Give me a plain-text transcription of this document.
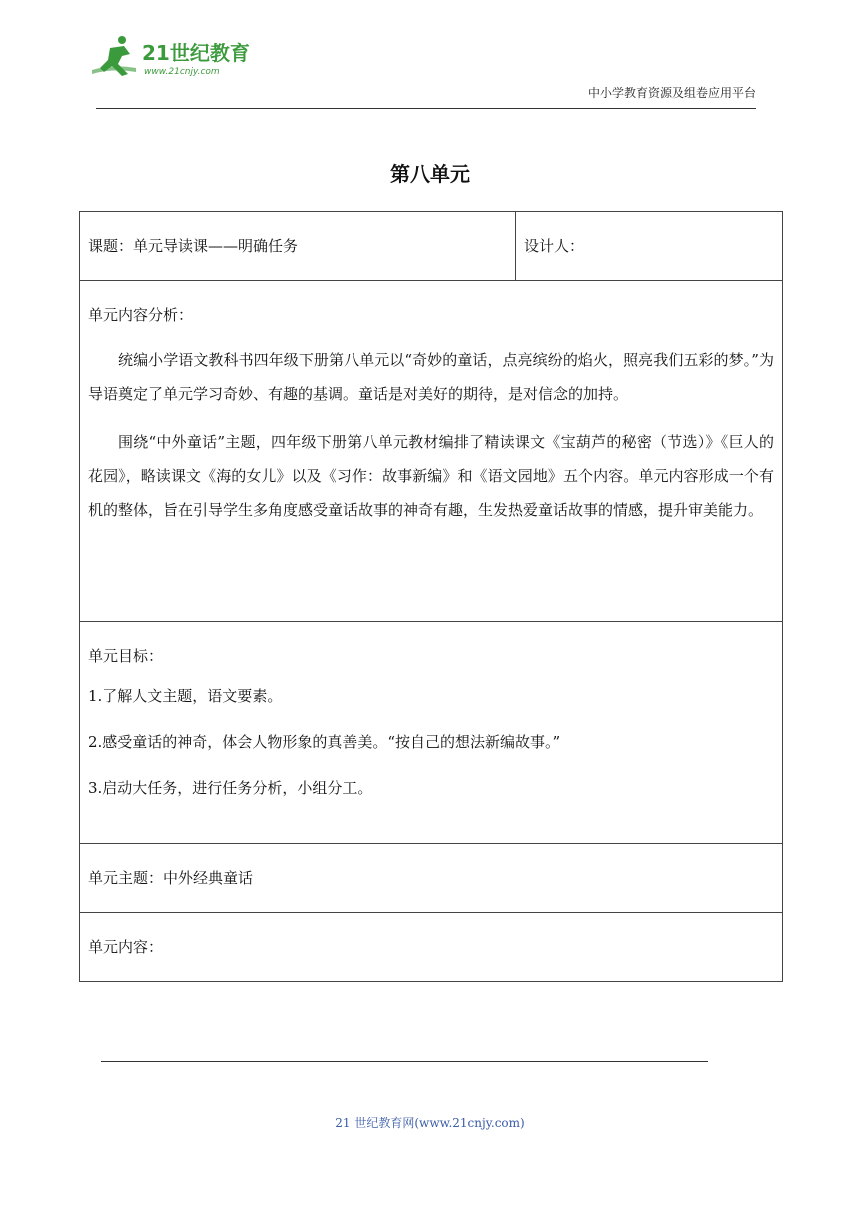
21世纪教育
www.21cnjy.com
中小学教育资源及组卷应用平台
第八单元
课题：单元导读课——明确任务	设计人：

单元内容分析：

统编小学语文教科书四年级下册第八单元以“奇妙的童话，点亮缤纷的焰火，照亮我们五彩的梦。”为导语奠定了单元学习奇妙、有趣的基调。童话是对美好的期待，是对信念的加持。

围绕“中外童话”主题，四年级下册第八单元教材编排了精读课文《宝葫芦的秘密（节选）》《巨人的花园》，略读课文《海的女儿》以及《习作：故事新编》和《语文园地》五个内容。单元内容形成一个有机的整体，旨在引导学生多角度感受童话故事的神奇有趣，生发热爱童话故事的情感，提升审美能力。

单元目标：

1.了解人文主题，语文要素。

2.感受童话的神奇，体会人物形象的真善美。“按自己的想法新编故事。”

3.启动大任务，进行任务分析，小组分工。

单元主题：中外经典童话
单元内容：
21 世纪教育网(www.21cnjy.com)
